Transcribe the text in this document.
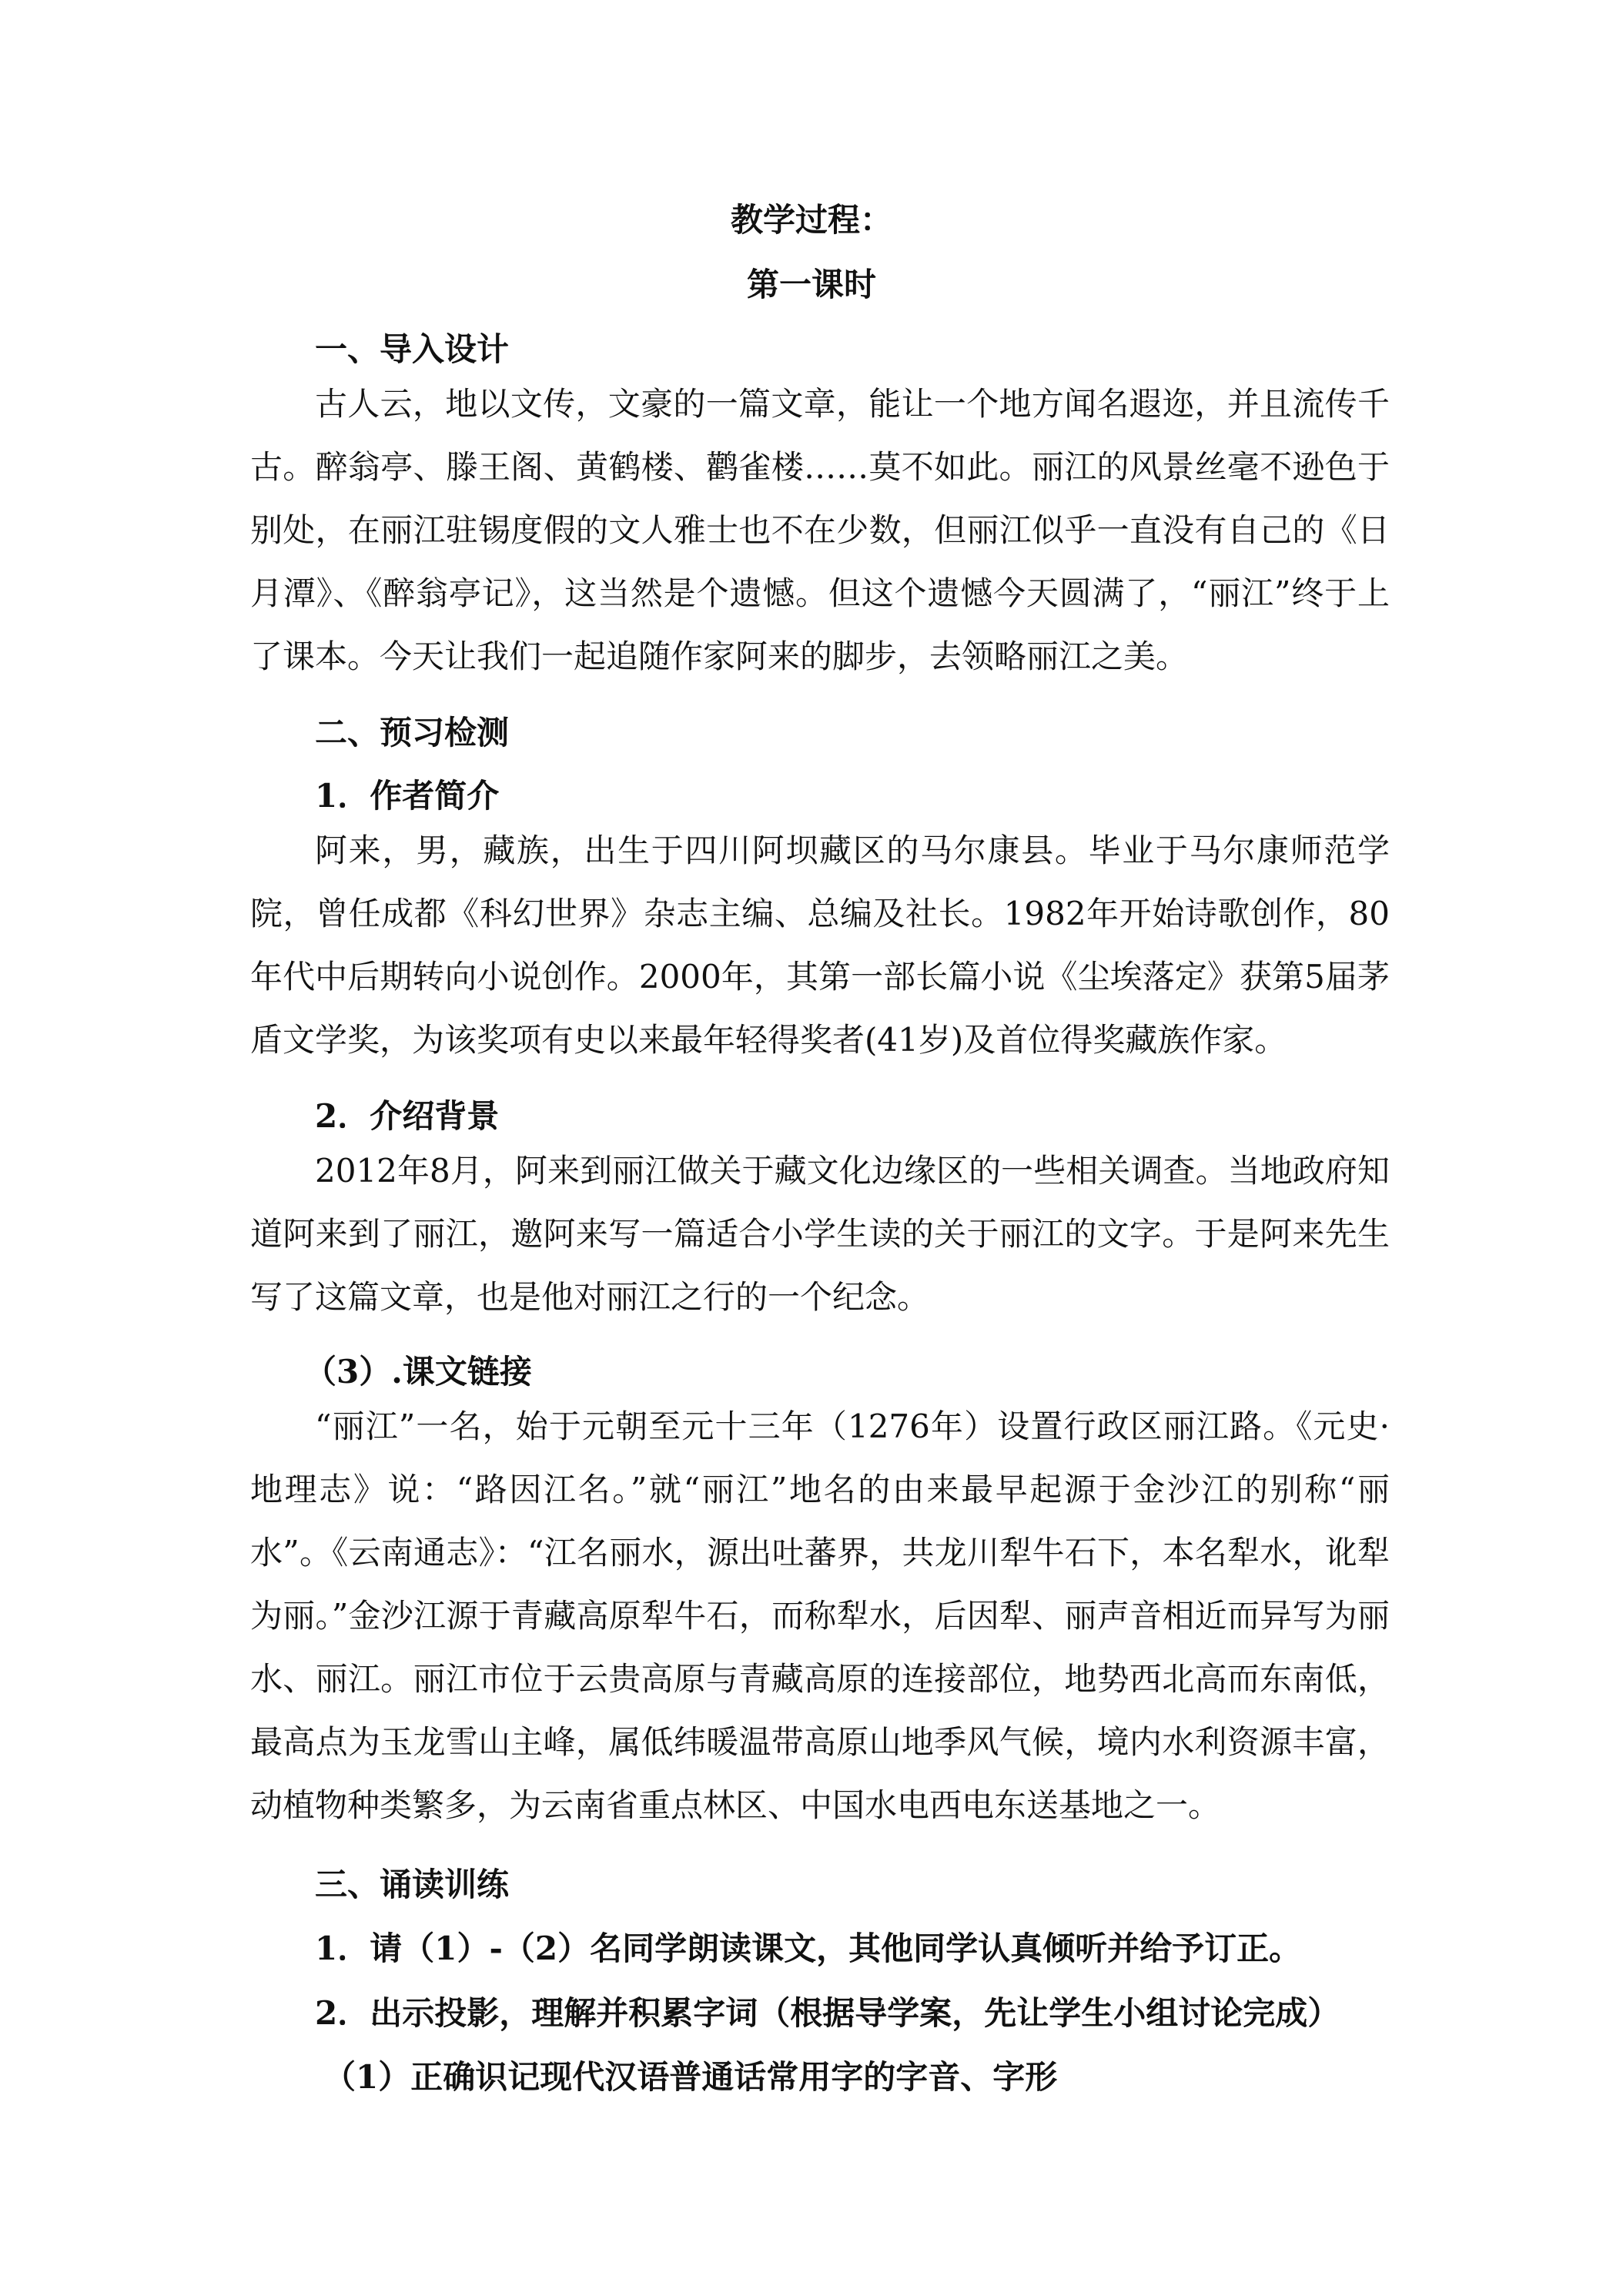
教学过程：
第一课时
一、导入设计

古人云，地以文传，文豪的一篇文章，能让一个地方闻名遐迩，并且流传千古。醉翁亭、滕王阁、黄鹤楼、鹳雀楼……莫不如此。丽江的风景丝毫不逊色于别处，在丽江驻锡度假的文人雅士也不在少数，但丽江似乎一直没有自己的《日月潭》、《醉翁亭记》，这当然是个遗憾。但这个遗憾今天圆满了，“丽江”终于上了课本。今天让我们一起追随作家阿来的脚步，去领略丽江之美。

二、预习检测
1．作者简介

阿来，男，藏族，出生于四川阿坝藏区的马尔康县。毕业于马尔康师范学院，曾任成都《科幻世界》杂志主编、总编及社长。1982年开始诗歌创作，80年代中后期转向小说创作。2000年，其第一部长篇小说《尘埃落定》获第5届茅盾文学奖，为该奖项有史以来最年轻得奖者(41岁)及首位得奖藏族作家。

2．介绍背景

2012年8月，阿来到丽江做关于藏文化边缘区的一些相关调查。当地政府知道阿来到了丽江，邀阿来写一篇适合小学生读的关于丽江的文字。于是阿来先生写了这篇文章，也是他对丽江之行的一个纪念。

（3）.课文链接

“丽江”一名，始于元朝至元十三年（1276年）设置行政区丽江路。《元史·地理志》说：“路因江名。”就“丽江”地名的由来最早起源于金沙江的别称“丽水”。《云南通志》：“江名丽水，源出吐蕃界，共龙川犁牛石下，本名犁水，讹犁为丽。”金沙江源于青藏高原犁牛石，而称犁水，后因犁、丽声音相近而异写为丽水、丽江。丽江市位于云贵高原与青藏高原的连接部位，地势西北高而东南低，最高点为玉龙雪山主峰，属低纬暖温带高原山地季风气候，境内水利资源丰富，动植物种类繁多，为云南省重点林区、中国水电西电东送基地之一。

三、诵读训练
1．请（1）-（2）名同学朗读课文，其他同学认真倾听并给予订正。
2．出示投影，理解并积累字词（根据导学案，先让学生小组讨论完成）
（1）正确识记现代汉语普通话常用字的字音、字形
